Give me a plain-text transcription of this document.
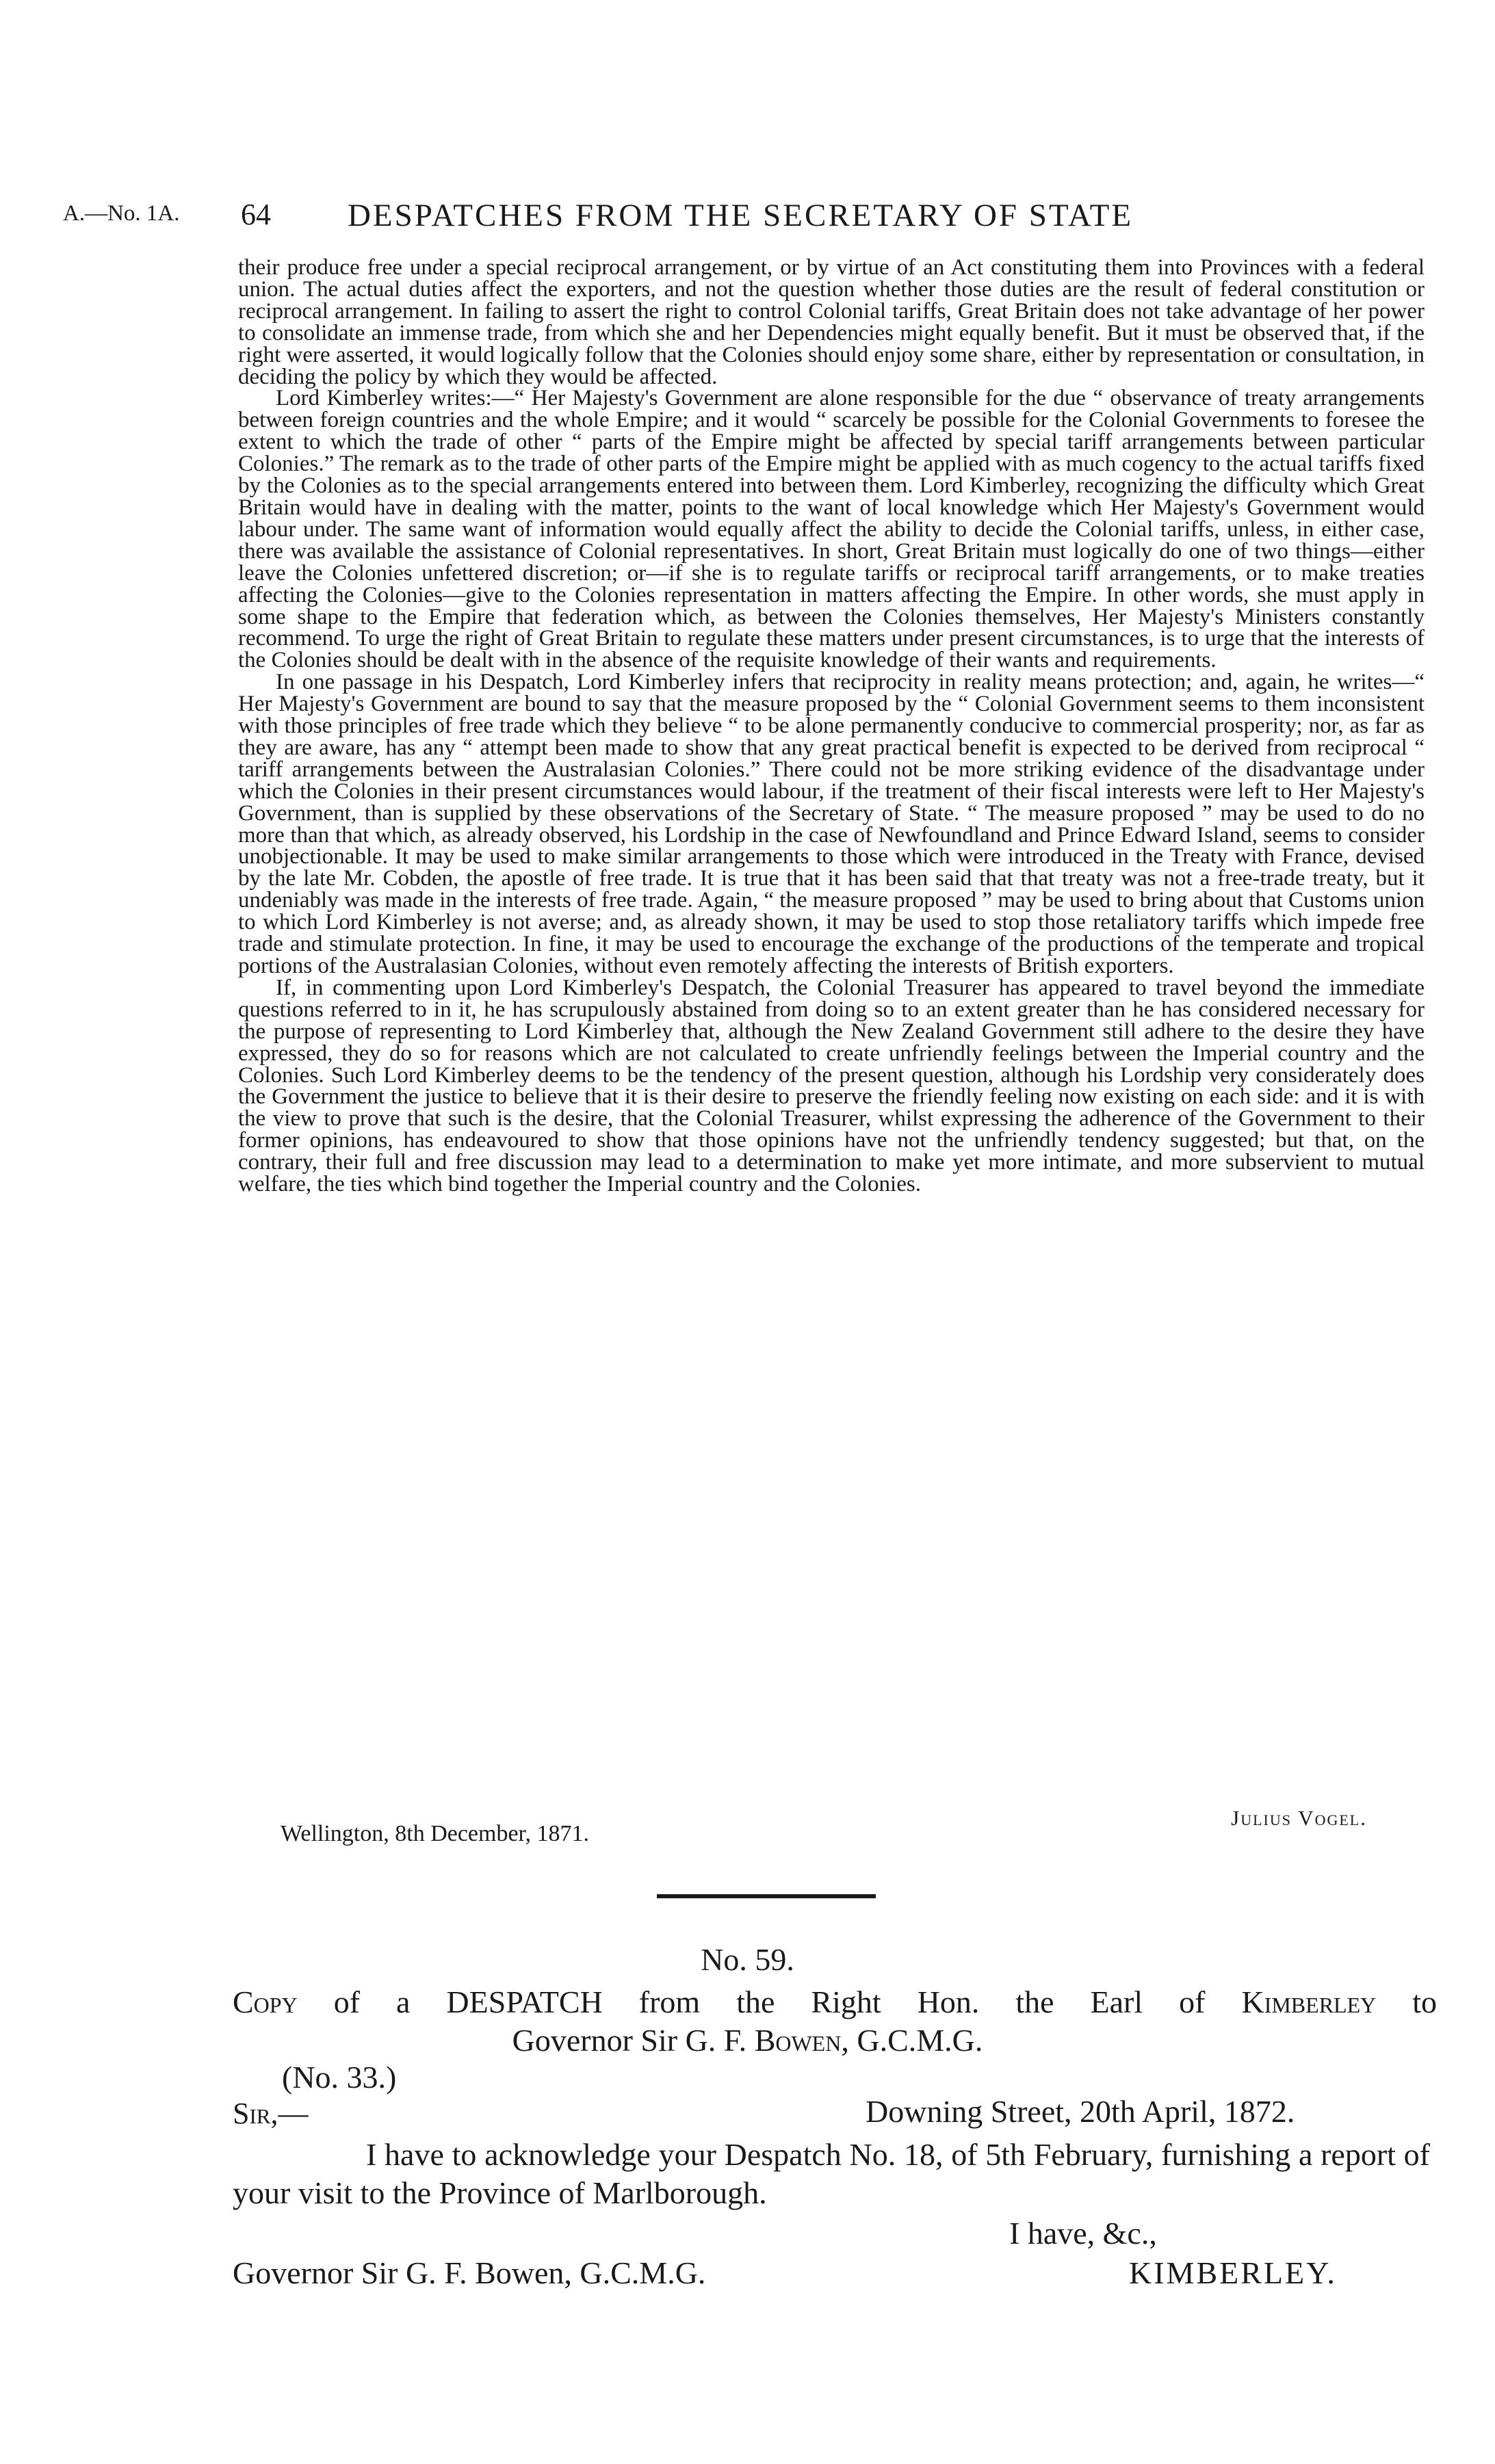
A.—No. 1A. 64	DESPATCHES FROM THE SECRETARY OF STATE

their produce free under a special reciprocal arrangement, or by virtue of an Act constituting them into Provinces with a federal union. The actual duties affect the exporters, and not the question whether those duties are the result of federal constitution or reciprocal arrangement. In failing to assert the right to control Colonial tariffs, Great Britain does not take advantage of her power to consolidate an immense trade, from which she and her Dependencies might equally benefit. But it must be observed that, if the right were asserted, it would logically follow that the Colonies should enjoy some share, either by representation or consultation, in deciding the policy by which they would be affected.

Lord Kimberley writes:—“ Her Majesty's Government are alone responsible for the due “ observance of treaty arrangements between foreign countries and the whole Empire; and it would “ scarcely be possible for the Colonial Governments to foresee the extent to which the trade of other “ parts of the Empire might be affected by special tariff arrangements between particular Colonies.” The remark as to the trade of other parts of the Empire might be applied with as much cogency to the actual tariffs fixed by the Colonies as to the special arrangements entered into between them. Lord Kimberley, recognizing the difficulty which Great Britain would have in dealing with the matter, points to the want of local knowledge which Her Majesty's Government would labour under. The same want of information would equally affect the ability to decide the Colonial tariffs, unless, in either case, there was available the assistance of Colonial representatives. In short, Great Britain must logically do one of two things—either leave the Colonies unfettered discretion; or—if she is to regulate tariffs or reciprocal tariff arrangements, or to make treaties affecting the Colonies—give to the Colonies representation in matters affecting the Empire. In other words, she must apply in some shape to the Empire that federation which, as between the Colonies themselves, Her Majesty's Ministers constantly recommend. To urge the right of Great Britain to regulate these matters under present circumstances, is to urge that the interests of the Colonies should be dealt with in the absence of the requisite knowledge of their wants and requirements.

In one passage in his Despatch, Lord Kimberley infers that reciprocity in reality means protection; and, again, he writes—“ Her Majesty's Government are bound to say that the measure proposed by the “ Colonial Government seems to them inconsistent with those principles of free trade which they believe “ to be alone permanently conducive to commercial prosperity; nor, as far as they are aware, has any “ attempt been made to show that any great practical benefit is expected to be derived from reciprocal “ tariff arrangements between the Australasian Colonies.” There could not be more striking evidence of the disadvantage under which the Colonies in their present circumstances would labour, if the treatment of their fiscal interests were left to Her Majesty's Government, than is supplied by these observations of the Secretary of State. “ The measure proposed ” may be used to do no more than that which, as already observed, his Lordship in the case of Newfoundland and Prince Edward Island, seems to consider unobjectionable. It may be used to make similar arrangements to those which were introduced in the Treaty with France, devised by the late Mr. Cobden, the apostle of free trade. It is true that it has been said that that treaty was not a free-trade treaty, but it undeniably was made in the interests of free trade. Again, “ the measure proposed ” may be used to bring about that Customs union to which Lord Kimberley is not averse; and, as already shown, it may be used to stop those retaliatory tariffs which impede free trade and stimulate protection. In fine, it may be used to encourage the exchange of the productions of the temperate and tropical portions of the Australasian Colonies, without even remotely affecting the interests of British exporters.

If, in commenting upon Lord Kimberley's Despatch, the Colonial Treasurer has appeared to travel beyond the immediate questions referred to in it, he has scrupulously abstained from doing so to an extent greater than he has considered necessary for the purpose of representing to Lord Kimberley that, although the New Zealand Government still adhere to the desire they have expressed, they do so for reasons which are not calculated to create unfriendly feelings between the Imperial country and the Colonies. Such Lord Kimberley deems to be the tendency of the present question, although his Lordship very considerately does the Government the justice to believe that it is their desire to preserve the friendly feeling now existing on each side: and it is with the view to prove that such is the desire, that the Colonial Treasurer, whilst expressing the adherence of the Government to their former opinions, has endeavoured to show that those opinions have not the unfriendly tendency suggested; but that, on the contrary, their full and free discussion may lead to a determination to make yet more intimate, and more subservient to mutual welfare, the ties which bind together the Imperial country and the Colonies.

Julius Vogel.
Wellington, 8th December, 1871.
No. 59.
Copy of a DESPATCH from the Right Hon. the Earl of Kimberley to
Governor Sir G. F. Bowen, G.C.M.G.
(No. 33.)
Sir,—	Downing Street, 20th April, 1872.

I have to acknowledge your Despatch No. 18, of 5th February, furnishing a report of your visit to the Province of Marlborough.

I have, &c.,
Governor Sir G. F. Bowen, G.C.M.G.	KIMBERLEY.
